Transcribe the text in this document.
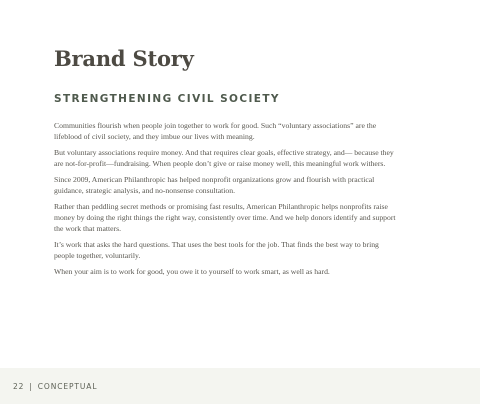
Brand Story
STRENGTHENING CIVIL SOCIETY

Communities flourish when people join together to work for good. Such “voluntary associations” are the lifeblood of civil society, and they imbue our lives with meaning.

But voluntary associations require money. And that requires clear goals, effective strategy, and— because they are not-for-profit—fundraising. When people don’t give or raise money well, this meaningful work withers.

Since 2009, American Philanthropic has helped nonprofit organizations grow and flourish with practical guidance, strategic analysis, and no-nonsense consultation.

Rather than peddling secret methods or promising fast results, American Philanthropic helps nonprofits raise money by doing the right things the right way, consistently over time. And we help donors identify and support the work that matters.

It’s work that asks the hard questions. That uses the best tools for the job. That finds the best way to bring people together, voluntarily.

When your aim is to work for good, you owe it to yourself to work smart, as well as hard.

22 | CONCEPTUAL
